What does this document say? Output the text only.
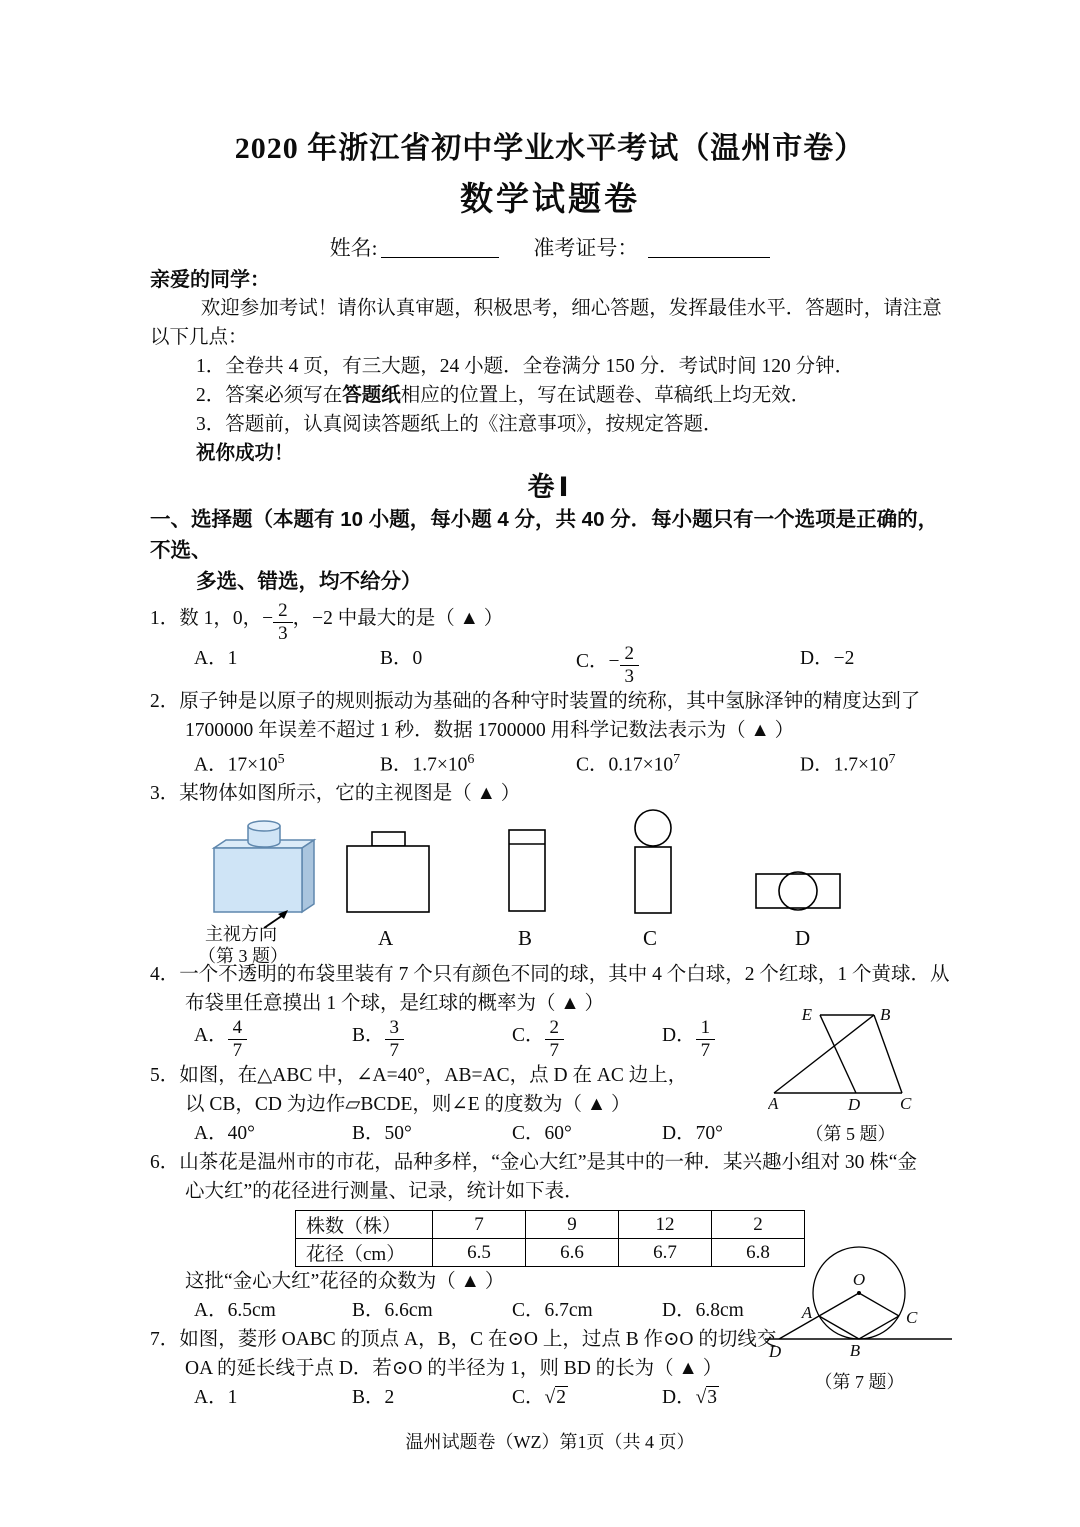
2020 年浙江省初中学业水平考试（温州市卷）
数学试题卷
姓名:	准考证号：
亲爱的同学：
欢迎参加考试！请你认真审题，积极思考，细心答题，发挥最佳水平．答题时，请注意
以下几点：
1．全卷共 4 页，有三大题，24 小题．全卷满分 150 分．考试时间 120 分钟．
2．答案必须写在答题纸相应的位置上，写在试题卷、草稿纸上均无效．
3．答题前，认真阅读答题纸上的《注意事项》，按规定答题．
祝你成功！
卷Ⅰ
一、选择题（本题有 10 小题，每小题 4 分，共 40 分．每小题只有一个选项是正确的，不选、
多选、错选，均不给分）
1．数 1，0，− $\frac{2}{3}$ ，−2 中最大的是（ ▲ ）
A．1	B．0	C．− $\frac{2}{3}$	D．−2
2．原子钟是以原子的规则振动为基础的各种守时装置的统称，其中氢脉泽钟的精度达到了
1700000 年误差不超过 1 秒．数据 1700000 用科学记数法表示为（ ▲ ）
A．$17\times 10^5$	B．$1.7\times 10^6$	C．$0.17\times 10^7$	D．$1.7\times 10^7$
3．某物体如图所示，它的主视图是（ ▲ ）
主视方向
（第 3 题）
A	B	C	D
4．一个不透明的布袋里装有 7 个只有颜色不同的球，其中 4 个白球，2 个红球，1 个黄球．从
布袋里任意摸出 1 个球，是红球的概率为（ ▲ ）
A． $\frac{4}{7}$	B． $\frac{3}{7}$	C． $\frac{2}{7}$	D． $\frac{1}{7}$
5．如图，在△ABC 中，∠A=40°，AB=AC，点 D 在 AC 边上，
以 CB，CD 为边作▱BCDE，则∠E 的度数为（ ▲ ）
A．40°	B．50°	C．60°	D．70°
6．山茶花是温州市的市花，品种多样，“金心大红”是其中的一种．某兴趣小组对 30 株“金
心大红”的花径进行测量、记录，统计如下表．
株数（株）	7	9	12	2
花径（cm）	6.5	6.6	6.7	6.8
这批“金心大红”花径的众数为（ ▲ ）
A．6.5cm	B．6.6cm	C．6.7cm	D．6.8cm
7．如图，菱形 OABC 的顶点 A，B，C 在⊙O 上，过点 B 作⊙O 的切线交
OA 的延长线于点 D．若⊙O 的半径为 1，则 BD 的长为（ ▲ ）
A．1	B．2	C．√2	D．√3
温州试题卷（WZ）第1页（共 4 页）
E	B
A	D C
（第 5 题）
O
A	C
B
D
（第 7 题）
